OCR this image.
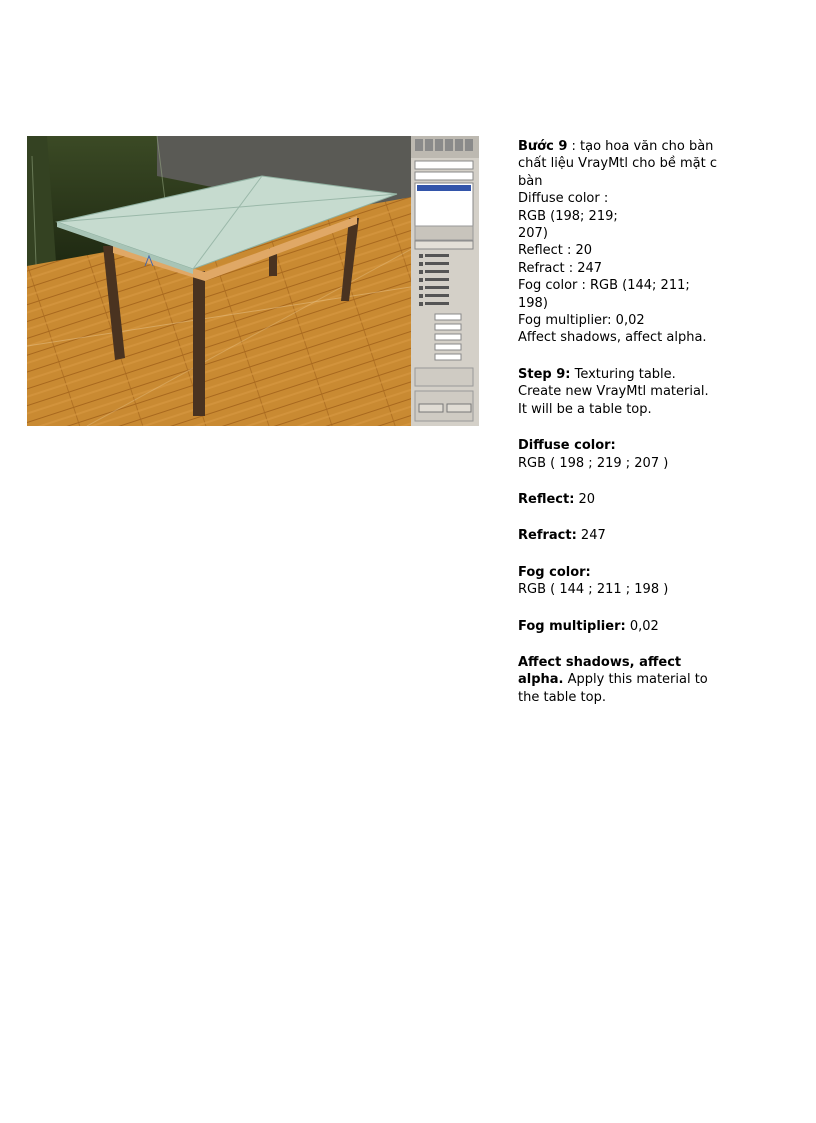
Bước 9 : tạo hoa văn cho bàn
chất liệu VrayMtl cho bề mặt c
bàn
Diffuse color :
RGB (198; 219;
207)
Reflect : 20
Refract : 247
Fog color : RGB (144; 211;
198)
Fog multiplier: 0,02
Affect shadows, affect alpha.
Step 9: Texturing table.
Create new VrayMtl material.
It will be a table top.
Diffuse color:
RGB ( 198 ; 219 ; 207 )
Reflect: 20
Refract: 247
Fog color:
RGB ( 144 ; 211 ; 198 )
Fog multiplier: 0,02
Affect shadows, affect
alpha. Apply this material to
the table top.
